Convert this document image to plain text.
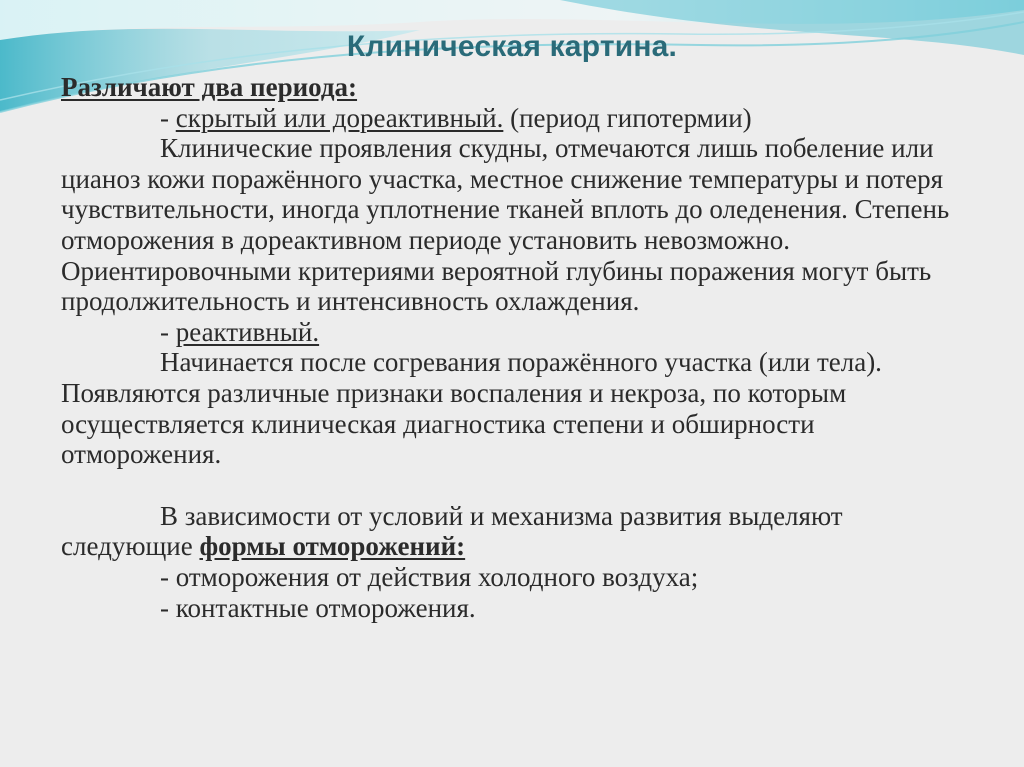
Клиническая картина.

Различают два периода:

- скрытый или дореактивный. (период гипотермии)

Клинические проявления скудны, отмечаются лишь побеление или цианоз кожи поражённого участка, местное снижение температуры и потеря чувствительности, иногда уплотнение тканей вплоть до оледенения. Степень отморожения в дореактивном периоде установить невозможно. Ориентировочными критериями вероятной глубины поражения могут быть продолжительность и интенсивность охлаждения.

- реактивный.

Начинается после согревания поражённого участка (или тела). Появляются различные признаки воспаления и некроза, по которым осуществляется клиническая диагностика степени и обширности отморожения.

В зависимости от условий и механизма развития выделяют следующие формы отморожений:

- отморожения от действия холодного воздуха;

- контактные отморожения.
